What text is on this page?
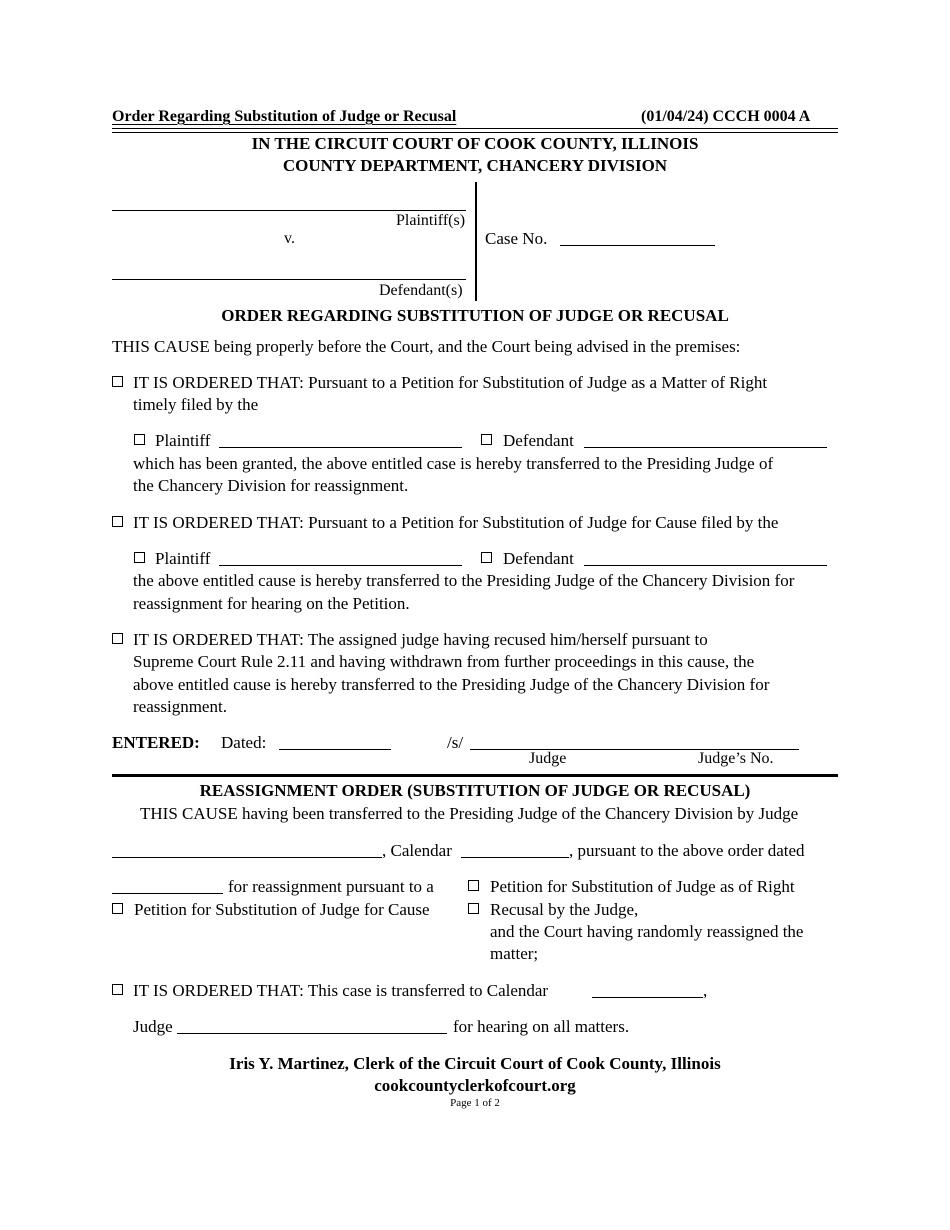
Order Regarding Substitution of Judge or Recusal	(01/04/24) CCCH 0004 A
IN THE CIRCUIT COURT OF COOK COUNTY, ILLINOIS
COUNTY DEPARTMENT, CHANCERY DIVISION
Plaintiff(s)
v.
Defendant(s)
Case No.
ORDER REGARDING SUBSTITUTION OF JUDGE OR RECUSAL
THIS CAUSE being properly before the Court, and the Court being advised in the premises:
IT IS ORDERED THAT: Pursuant to a Petition for Substitution of Judge as a Matter of Right
timely filed by the
Plaintiff	Defendant
which has been granted, the above entitled case is hereby transferred to the Presiding Judge of
the Chancery Division for reassignment.
IT IS ORDERED THAT: Pursuant to a Petition for Substitution of Judge for Cause filed by the
Plaintiff	Defendant
the above entitled cause is hereby transferred to the Presiding Judge of the Chancery Division for
reassignment for hearing on the Petition.
IT IS ORDERED THAT: The assigned judge having recused him/herself pursuant to
Supreme Court Rule 2.11 and having withdrawn from further proceedings in this cause, the
above entitled cause is hereby transferred to the Presiding Judge of the Chancery Division for
reassignment.
ENTERED: Dated:	/s/
Judge	Judge’s No.
REASSIGNMENT ORDER (SUBSTITUTION OF JUDGE OR RECUSAL)
THIS CAUSE having been transferred to the Presiding Judge of the Chancery Division by Judge
, Calendar	, pursuant to the above order dated
for reassignment pursuant to a	Petition for Substitution of Judge as of Right
Petition for Substitution of Judge for Cause	Recusal by the Judge,
and the Court having randomly reassigned the
matter;
IT IS ORDERED THAT: This case is transferred to Calendar	,
Judge	for hearing on all matters.
Iris Y. Martinez, Clerk of the Circuit Court of Cook County, Illinois
cookcountyclerkofcourt.org
Page 1 of 2
